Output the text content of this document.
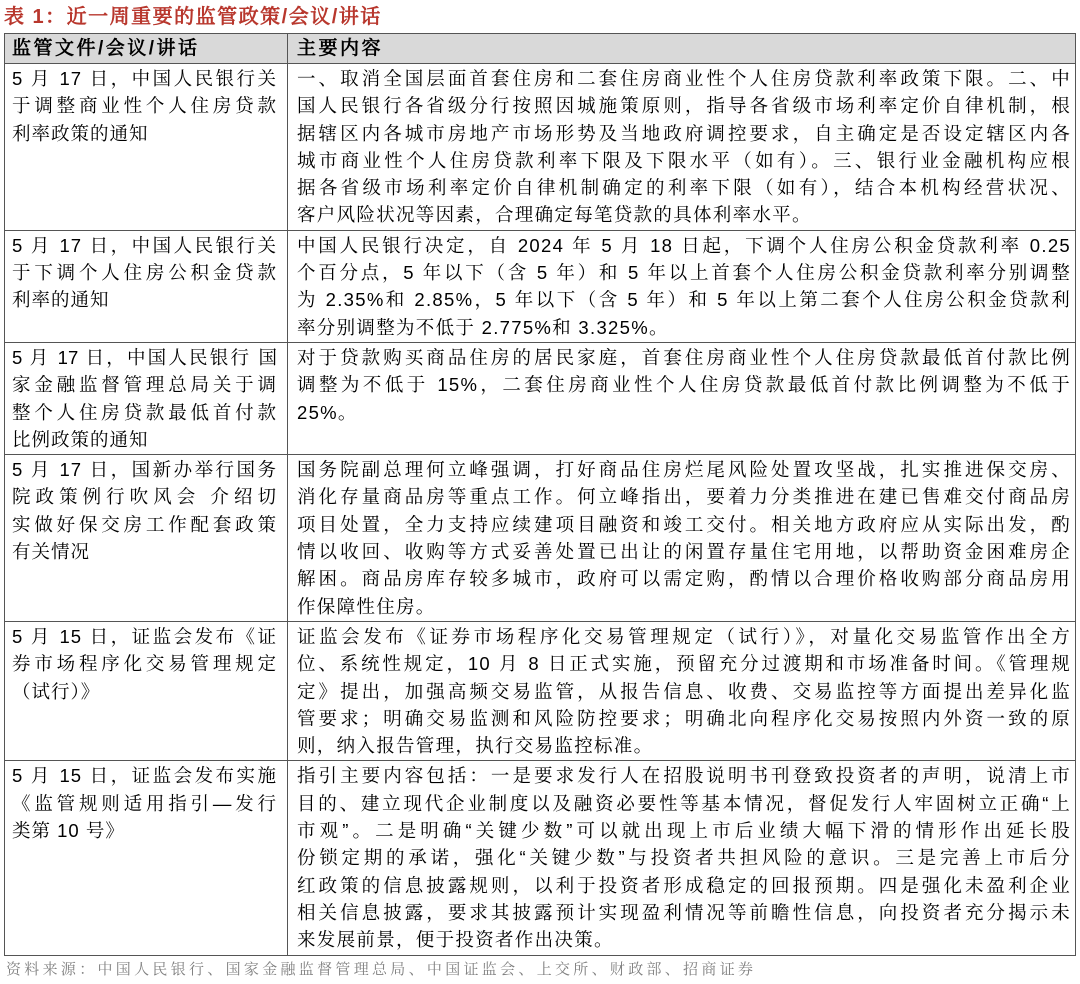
表 1：近一周重要的监管政策/会议/讲话
监管文件/会议/讲话	主要内容
5 月 17 日，中国人民银行关
于调整商业性个人住房贷款
利率政策的通知
一、取消全国层面首套住房和二套住房商业性个人住房贷款利率政策下限。二、中
国人民银行各省级分行按照因城施策原则，指导各省级市场利率定价自律机制，根
据辖区内各城市房地产市场形势及当地政府调控要求，自主确定是否设定辖区内各
城市商业性个人住房贷款利率下限及下限水平（如有）。三、银行业金融机构应根
据各省级市场利率定价自律机制确定的利率下限（如有），结合本机构经营状况、
客户风险状况等因素，合理确定每笔贷款的具体利率水平。
5 月 17 日，中国人民银行关
于下调个人住房公积金贷款
利率的通知
中国人民银行决定，自 2024 年 5 月 18 日起，下调个人住房公积金贷款利率 0.25
个百分点，5 年以下（含 5 年）和 5 年以上首套个人住房公积金贷款利率分别调整
为 2.35%和 2.85%，5 年以下（含 5 年）和 5 年以上第二套个人住房公积金贷款利
率分别调整为不低于 2.775%和 3.325%。
5 月 17 日，中国人民银行 国
家金融监督管理总局关于调
整个人住房贷款最低首付款
比例政策的通知
对于贷款购买商品住房的居民家庭，首套住房商业性个人住房贷款最低首付款比例
调整为不低于 15%，二套住房商业性个人住房贷款最低首付款比例调整为不低于
25%。
5 月 17 日，国新办举行国务
院政策例行吹风会 介绍切
实做好保交房工作配套政策
有关情况
国务院副总理何立峰强调，打好商品住房烂尾风险处置攻坚战，扎实推进保交房、
消化存量商品房等重点工作。何立峰指出，要着力分类推进在建已售难交付商品房
项目处置，全力支持应续建项目融资和竣工交付。相关地方政府应从实际出发，酌
情以收回、收购等方式妥善处置已出让的闲置存量住宅用地，以帮助资金困难房企
解困。商品房库存较多城市，政府可以需定购，酌情以合理价格收购部分商品房用
作保障性住房。
5 月 15 日，证监会发布《证
券市场程序化交易管理规定
（试行）》
证监会发布《证券市场程序化交易管理规定（试行）》，对量化交易监管作出全方
位、系统性规定，10 月 8 日正式实施，预留充分过渡期和市场准备时间。《管理规
定》提出，加强高频交易监管，从报告信息、收费、交易监控等方面提出差异化监
管要求；明确交易监测和风险防控要求；明确北向程序化交易按照内外资一致的原
则，纳入报告管理，执行交易监控标准。
5 月 15 日，证监会发布实施
《监管规则适用指引—发行
类第 10 号》
指引主要内容包括：一是要求发行人在招股说明书刊登致投资者的声明，说清上市
目的、建立现代企业制度以及融资必要性等基本情况，督促发行人牢固树立正确“上
市观”。二是明确“关键少数”可以就出现上市后业绩大幅下滑的情形作出延长股
份锁定期的承诺，强化“关键少数”与投资者共担风险的意识。三是完善上市后分
红政策的信息披露规则，以利于投资者形成稳定的回报预期。四是强化未盈利企业
相关信息披露，要求其披露预计实现盈利情况等前瞻性信息，向投资者充分揭示未
来发展前景，便于投资者作出决策。
资料来源：中国人民银行、国家金融监督管理总局、中国证监会、上交所、财政部、招商证券
